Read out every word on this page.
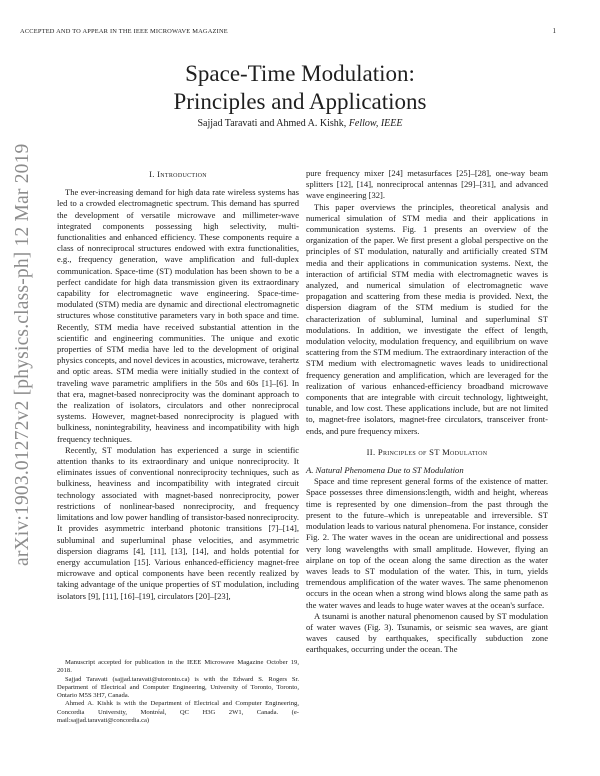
ACCEPTED AND TO APPEAR IN THE IEEE MICROWAVE MAGAZINE	1
arXiv:1903.01272v2 [physics.class-ph] 12 Mar 2019
Space-Time Modulation:
Principles and Applications
Sajjad Taravati and Ahmed A. Kishk, Fellow, IEEE
I. Introduction

The ever-increasing demand for high data rate wireless systems has led to a crowded electromagnetic spectrum. This demand has spurred the development of versatile microwave and millimeter-wave integrated components possessing high selectivity, multi-functionalities and enhanced efficiency. These components require a class of nonreciprocal structures endowed with extra functionalities, e.g., frequency generation, wave amplification and full-duplex communication. Space-time (ST) modulation has been shown to be a perfect candidate for high data transmission given its extraordinary capability for electromagnetic wave engineering. Space-time-modulated (STM) media are dynamic and directional electromagnetic structures whose constitutive parameters vary in both space and time. Recently, STM media have received substantial attention in the scientific and engineering communities. The unique and exotic properties of STM media have led to the development of original physics concepts, and novel devices in acoustics, microwave, terahertz and optic areas. STM media were initially studied in the context of traveling wave parametric amplifiers in the 50s and 60s [1]–[6]. In that era, magnet-based nonreciprocity was the dominant approach to the realization of isolators, circulators and other nonreciprocal systems. However, magnet-based nonreciprocity is plagued with bulkiness, nonintegrability, heaviness and incompatibility with high frequency techniques.

Recently, ST modulation has experienced a surge in scientific attention thanks to its extraordinary and unique nonreciprocity. It eliminates issues of conventional nonreciprocity techniques, such as bulkiness, heaviness and incompatibility with integrated circuit technology associated with magnet-based nonreciprocity, power restrictions of nonlinear-based nonreciprocity, and frequency limitations and low power handling of transistor-based nonreciprocity. It provides asymmetric interband photonic transitions [7]–[14], subluminal and superluminal phase velocities, and asymmetric dispersion diagrams [4], [11], [13], [14], and holds potential for energy accumulation [15]. Various enhanced-efficiency magnet-free microwave and optical components have been recently realized by taking advantage of the unique properties of ST modulation, including isolators [9], [11], [16]–[19], circulators [20]–[23],

pure frequency mixer [24] metasurfaces [25]–[28], one-way beam splitters [12], [14], nonreciprocal antennas [29]–[31], and advanced wave engineering [32].

This paper overviews the principles, theoretical analysis and numerical simulation of STM media and their applications in communication systems. Fig. 1 presents an overview of the organization of the paper. We first present a global perspective on the principles of ST modulation, naturally and artificially created STM media and their applications in communication systems. Next, the interaction of artificial STM media with electromagnetic waves is analyzed, and numerical simulation of electromagnetic wave propagation and scattering from these media is provided. Next, the dispersion diagram of the STM medium is studied for the characterization of subluminal, luminal and superluminal ST modulations. In addition, we investigate the effect of length, modulation velocity, modulation frequency, and equilibrium on wave scattering from the STM medium. The extraordinary interaction of the STM medium with electromagnetic waves leads to unidirectional frequency generation and amplification, which are leveraged for the realization of various enhanced-efficiency broadband microwave components that are integrable with circuit technology, lightweight, tunable, and low cost. These applications include, but are not limited to, magnet-free isolators, magnet-free circulators, transceiver front-ends, and pure frequency mixers.

II. Principles of ST Modulation

A. Natural Phenomena Due to ST Modulation

Space and time represent general forms of the existence of matter. Space possesses three dimensions:length, width and height, whereas time is represented by one dimension–from the past through the present to the future–which is unrepeatable and irreversible. ST modulation leads to various natural phenomena. For instance, consider Fig. 2. The water waves in the ocean are unidirectional and possess very long wavelengths with small amplitude. However, flying an airplane on top of the ocean along the same direction as the water waves leads to ST modulation of the water. This, in turn, yields tremendous amplification of the water waves. The same phenomenon occurs in the ocean when a strong wind blows along the same path as the water waves and leads to huge water waves at the ocean's surface.

A tsunami is another natural phenomenon caused by ST modulation of water waves (Fig. 3). Tsunamis, or seismic sea waves, are giant waves caused by earthquakes, specifically subduction zone earthquakes, occurring under the ocean. The

Manuscript accepted for publication in the IEEE Microwave Magazine October 19, 2018.

Sajjad Taravati (sajjad.taravati@utoronto.ca) is with the Edward S. Rogers Sr. Department of Electrical and Computer Engineering, University of Toronto, Toronto, Ontario M5S 3H7, Canada.

Ahmed A. Kishk is with the Department of Electrical and Computer Engineering, Concordia University, Montréal, QC H3G 2W1, Canada. (e-mail:sajjad.taravati@concordia.ca)
